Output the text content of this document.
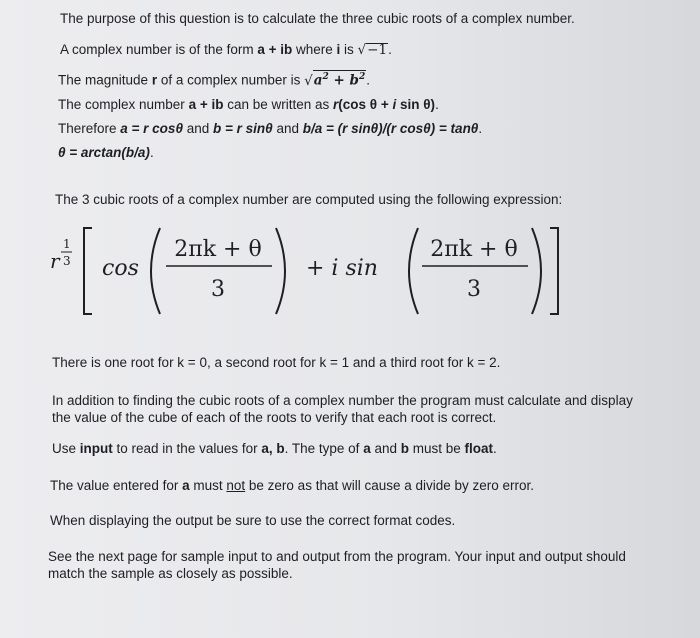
The purpose of this question is to calculate the three cubic roots of a complex number.
A complex number is of the form a + ib where i is √−1.
The magnitude r of a complex number is $√a^2 + b^2$.
The complex number a + ib can be written as r(cos θ + i sin θ).
Therefore a = r cosθ and b = r sinθ and b/a = (r sinθ)/(r cosθ) = tanθ.
θ = arctan(b/a).
The 3 cubic roots of a complex number are computed using the following expression:
r
1
3 cos
2πk + θ
3
+ i sin
2πk + θ
3
There is one root for k = 0, a second root for k = 1 and a third root for k = 2.
In addition to finding the cubic roots of a complex number the program must calculate and display the value of the cube of each of the roots to verify that each root is correct.
Use input to read in the values for a, b. The type of a and b must be float.
The value entered for a must not be zero as that will cause a divide by zero error.
When displaying the output be sure to use the correct format codes.
See the next page for sample input to and output from the program. Your input and output should match the sample as closely as possible.
